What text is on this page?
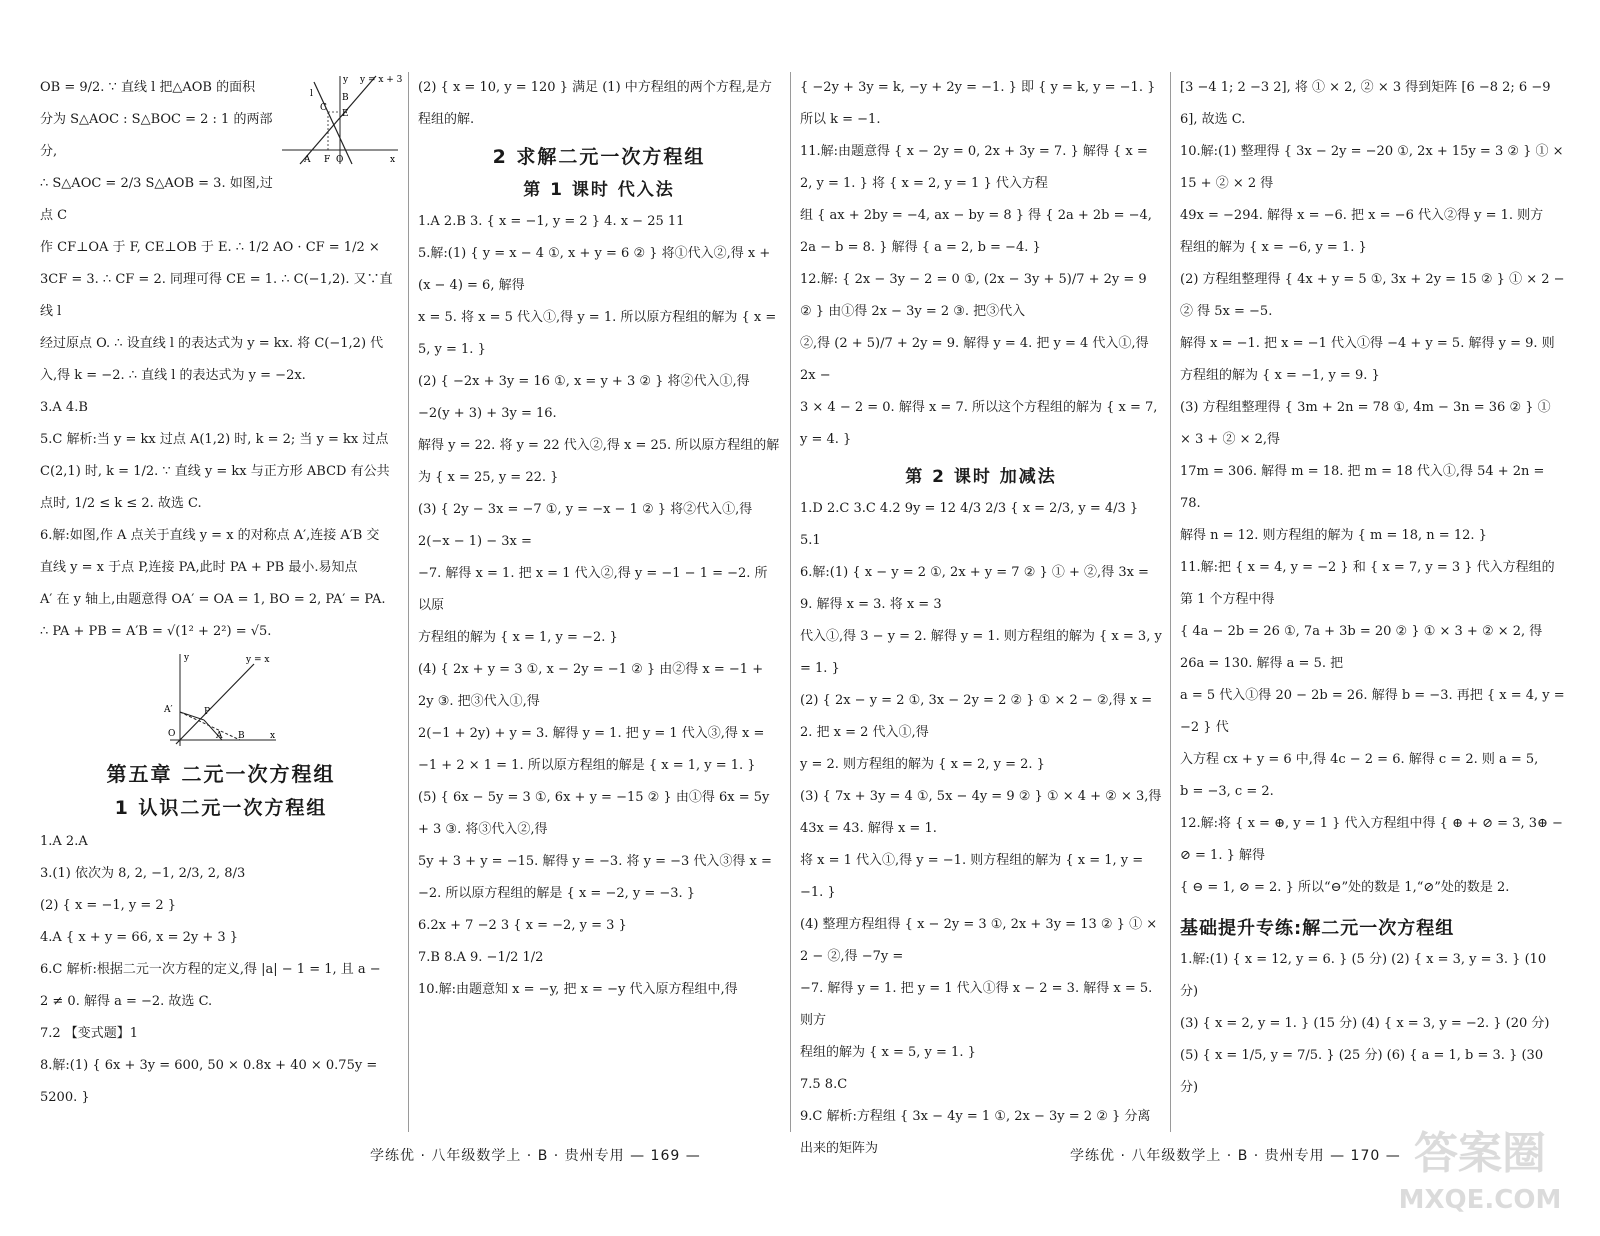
OB = 9/2. ∵ 直线 l 把△AOB 的面积

分为 S△AOC : S△BOC = 2 : 1 的两部分,

∴ S△AOC = 2/3 S△AOB = 3. 如图,过点 C

y = x + 3
l
y
x
A F O
C
B
E

作 CF⊥OA 于 F, CE⊥OB 于 E. ∴ 1/2 AO · CF = 1/2 ×

3CF = 3. ∴ CF = 2. 同理可得 CE = 1. ∴ C(−1,2). 又∵直线 l

经过原点 O. ∴ 设直线 l 的表达式为 y = kx. 将 C(−1,2) 代

入,得 k = −2. ∴ 直线 l 的表达式为 y = −2x.

3.A 4.B

5.C 解析:当 y = kx 过点 A(1,2) 时, k = 2; 当 y = kx 过点

C(2,1) 时, k = 1/2. ∵ 直线 y = kx 与正方形 ABCD 有公共

点时, 1/2 ≤ k ≤ 2. 故选 C.

6.解:如图,作 A 点关于直线 y = x 的对称点 A′,连接 A′B 交

直线 y = x 于点 P,连接 PA,此时 PA + PB 最小.易知点

A′ 在 y 轴上,由题意得 OA′ = OA = 1, BO = 2, PA′ = PA.

∴ PA + PB = A′B = √(1² + 2²) = √5.

y	y = x
A′	P
O	A B	x
第五章 二元一次方程组
1 认识二元一次方程组

1.A 2.A

3.(1) 依次为 8, 2, −1, 2/3, 2, 8/3

(2) { x = −1, y = 2 }

4.A { x + y = 66, x = 2y + 3 }

6.C 解析:根据二元一次方程的定义,得 |a| − 1 = 1, 且 a −

2 ≠ 0. 解得 a = −2. 故选 C.

7.2 【变式题】1

8.解:(1) { 6x + 3y = 600, 50 × 0.8x + 40 × 0.75y = 5200. }

(2) { x = 10, y = 120 } 满足 (1) 中方程组的两个方程,是方程组的解.

2 求解二元一次方程组
第 1 课时 代入法

1.A 2.B 3. { x = −1, y = 2 } 4. x − 25 11

5.解:(1) { y = x − 4 ①, x + y = 6 ② } 将①代入②,得 x + (x − 4) = 6, 解得

x = 5. 将 x = 5 代入①,得 y = 1. 所以原方程组的解为 { x = 5, y = 1. }

(2) { −2x + 3y = 16 ①, x = y + 3 ② } 将②代入①,得 −2(y + 3) + 3y = 16.

解得 y = 22. 将 y = 22 代入②,得 x = 25. 所以原方程组的解

为 { x = 25, y = 22. }

(3) { 2y − 3x = −7 ①, y = −x − 1 ② } 将②代入①,得 2(−x − 1) − 3x =

−7. 解得 x = 1. 把 x = 1 代入②,得 y = −1 − 1 = −2. 所以原

方程组的解为 { x = 1, y = −2. }

(4) { 2x + y = 3 ①, x − 2y = −1 ② } 由②得 x = −1 + 2y ③. 把③代入①,得

2(−1 + 2y) + y = 3. 解得 y = 1. 把 y = 1 代入③,得 x =

−1 + 2 × 1 = 1. 所以原方程组的解是 { x = 1, y = 1. }

(5) { 6x − 5y = 3 ①, 6x + y = −15 ② } 由①得 6x = 5y + 3 ③. 将③代入②,得

5y + 3 + y = −15. 解得 y = −3. 将 y = −3 代入③得 x =

−2. 所以原方程组的解是 { x = −2, y = −3. }

6.2x + 7 −2 3 { x = −2, y = 3 }

7.B 8.A 9. −1/2 1/2

10.解:由题意知 x = −y, 把 x = −y 代入原方程组中,得

{ −2y + 3y = k, −y + 2y = −1. } 即 { y = k, y = −1. } 所以 k = −1.

11.解:由题意得 { x − 2y = 0, 2x + 3y = 7. } 解得 { x = 2, y = 1. } 将 { x = 2, y = 1 } 代入方程

组 { ax + 2by = −4, ax − by = 8 } 得 { 2a + 2b = −4, 2a − b = 8. } 解得 { a = 2, b = −4. }

12.解: { 2x − 3y − 2 = 0 ①, (2x − 3y + 5)/7 + 2y = 9 ② } 由①得 2x − 3y = 2 ③. 把③代入

②,得 (2 + 5)/7 + 2y = 9. 解得 y = 4. 把 y = 4 代入①,得 2x −

3 × 4 − 2 = 0. 解得 x = 7. 所以这个方程组的解为 { x = 7, y = 4. }

第 2 课时 加减法

1.D 2.C 3.C 4.2 9y = 12 4/3 2/3 { x = 2/3, y = 4/3 } 5.1

6.解:(1) { x − y = 2 ①, 2x + y = 7 ② } ① + ②,得 3x = 9. 解得 x = 3. 将 x = 3

代入①,得 3 − y = 2. 解得 y = 1. 则方程组的解为 { x = 3, y = 1. }

(2) { 2x − y = 2 ①, 3x − 2y = 2 ② } ① × 2 − ②,得 x = 2. 把 x = 2 代入①,得

y = 2. 则方程组的解为 { x = 2, y = 2. }

(3) { 7x + 3y = 4 ①, 5x − 4y = 9 ② } ① × 4 + ② × 3,得 43x = 43. 解得 x = 1.

将 x = 1 代入①,得 y = −1. 则方程组的解为 { x = 1, y = −1. }

(4) 整理方程组得 { x − 2y = 3 ①, 2x + 3y = 13 ② } ① × 2 − ②,得 −7y =

−7. 解得 y = 1. 把 y = 1 代入①得 x − 2 = 3. 解得 x = 5. 则方

程组的解为 { x = 5, y = 1. }

7.5 8.C

9.C 解析:方程组 { 3x − 4y = 1 ①, 2x − 3y = 2 ② } 分离出来的矩阵为

[3 −4 1; 2 −3 2], 将 ① × 2, ② × 3 得到矩阵 [6 −8 2; 6 −9 6], 故选 C.

10.解:(1) 整理得 { 3x − 2y = −20 ①, 2x + 15y = 3 ② } ① × 15 + ② × 2 得

49x = −294. 解得 x = −6. 把 x = −6 代入②得 y = 1. 则方

程组的解为 { x = −6, y = 1. }

(2) 方程组整理得 { 4x + y = 5 ①, 3x + 2y = 15 ② } ① × 2 − ② 得 5x = −5.

解得 x = −1. 把 x = −1 代入①得 −4 + y = 5. 解得 y = 9. 则

方程组的解为 { x = −1, y = 9. }

(3) 方程组整理得 { 3m + 2n = 78 ①, 4m − 3n = 36 ② } ① × 3 + ② × 2,得

17m = 306. 解得 m = 18. 把 m = 18 代入①,得 54 + 2n = 78.

解得 n = 12. 则方程组的解为 { m = 18, n = 12. }

11.解:把 { x = 4, y = −2 } 和 { x = 7, y = 3 } 代入方程组的第 1 个方程中得

{ 4a − 2b = 26 ①, 7a + 3b = 20 ② } ① × 3 + ② × 2, 得 26a = 130. 解得 a = 5. 把

a = 5 代入①得 20 − 2b = 26. 解得 b = −3. 再把 { x = 4, y = −2 } 代

入方程 cx + y = 6 中,得 4c − 2 = 6. 解得 c = 2. 则 a = 5,

b = −3, c = 2.

12.解:将 { x = ⊕, y = 1 } 代入方程组中得 { ⊕ + ⊘ = 3, 3⊕ − ⊘ = 1. } 解得

{ ⊖ = 1, ⊘ = 2. } 所以“⊖”处的数是 1,“⊘”处的数是 2.

基础提升专练:解二元一次方程组

1.解:(1) { x = 12, y = 6. } (5 分) (2) { x = 3, y = 3. } (10 分)

(3) { x = 2, y = 1. } (15 分) (4) { x = 3, y = −2. } (20 分)

(5) { x = 1/5, y = 7/5. } (25 分) (6) { a = 1, b = 3. } (30 分)

学练优 · 八年级数学上 · B · 贵州专用 — 169 —	学练优 · 八年级数学上 · B · 贵州专用 — 170 — 答案圈
MXQE.COM
